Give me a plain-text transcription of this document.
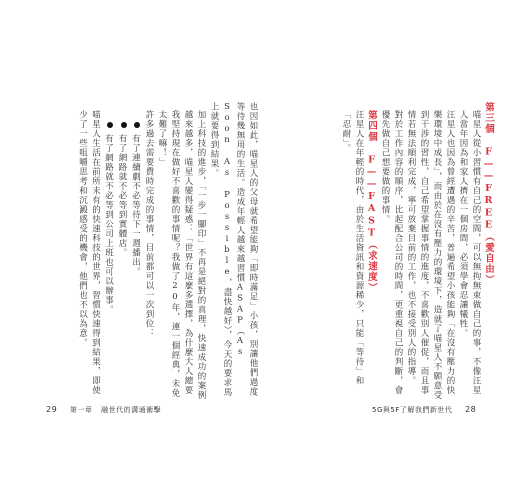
也因如此，喵星人的父母就希望能夠「即時滿足」小孩，別讓他們過度等待幾無用的生活。造成年輕人越來越習慣ASAP（As Soon As Possible，盡快越好），今天的要求馬上就要得到結果。

加上科技的進步，「一步一腳印」不再是絕對的真理，快速成功的案例越來越多，喵星人變得疑惑：「世界有這麼多選擇，為什麼大人總要我堅持現在做好不喜歡的事情呢？我做了20年，連一個經典，未免太難了嘛！」

許多過去需要費時完成的事情，目前都可以一次到位：

有了連續劇不必等待下一週播出。

有了網路就不必等到實體店。

有了網路就不必等到公司上班也可以辦事。

喵星人生活在前所未有的快速科技的世界，習慣快速得到結果，即使少了一些咀嚼思考和沉澱感受的機會，他們也不以為意。	第三個 F——FREE（愛自由）

喵星人從小習慣有自己的空間，可以無拘無束做自己的事，不像汪星人當年因為和家人擠在一個房間，必須學會忍讓犧牲。

汪星人也因為曾經遭遇的辛苦，普遍希望小孩能夠「在沒有壓力的快樂環境中成長」，而由於在沒有壓力的環境下，造就了喵星人不願意受到干涉的習性，自己希望掌握事情的進度，不喜歡別人催促，而且事情若無法順利完成，寧可放棄目前的工作，也不接受別人的指導。

對於工作內容的順序，比起配合公司的時間，更重視自己的判斷，會優先做自己想要做的事情。

第四個 F——FAST（求速度）

汪星人在年輕的時代，由於生活資訊和資源稀少，只能「等待」和「忍耐」。

29 第一章 融世代的溝通衝擊	5G與5F了解我們新世代 28
